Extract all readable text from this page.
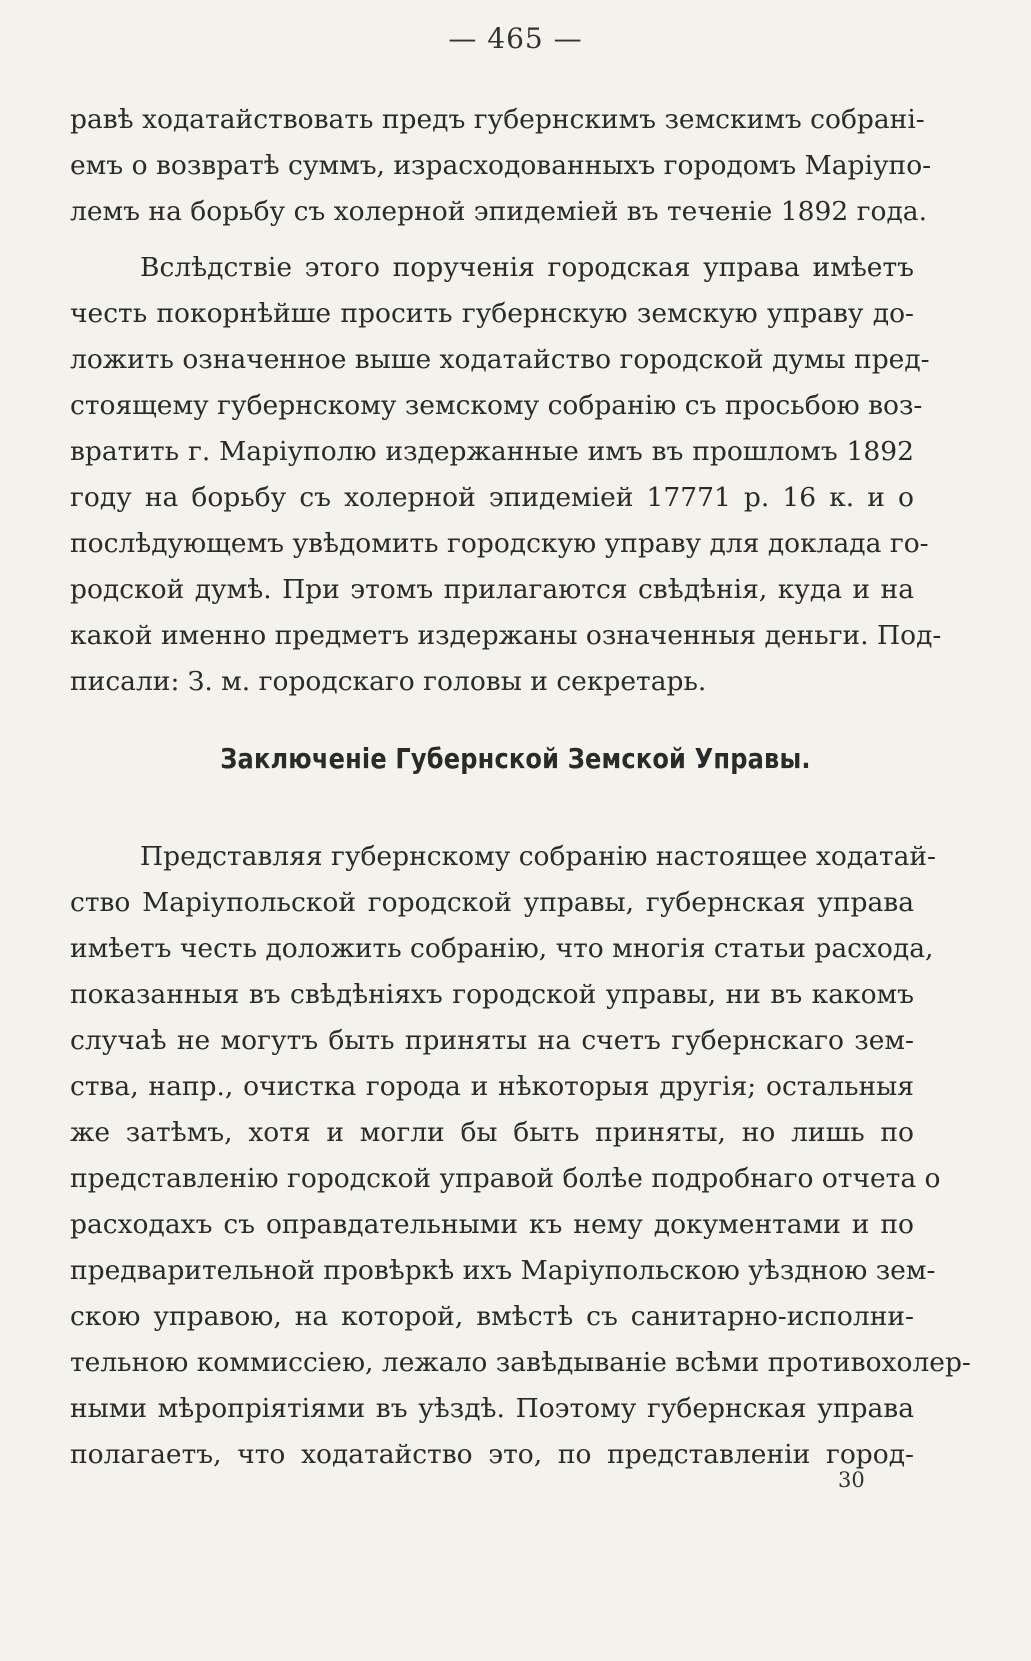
— 465 —
равѣ ходатайствовать предъ губернскимъ земскимъ собрані-
емъ о возвратѣ суммъ, израсходованныхъ городомъ Маріупо-
лемъ на борьбу съ холерной эпидеміей въ теченіе 1892 года.
Вслѣдствіе этого порученія городская управа имѣетъ
честь покорнѣйше просить губернскую земскую управу до-
ложить означенное выше ходатайство городской думы пред-
стоящему губернскому земскому собранію съ просьбою воз-
вратить г. Маріуполю издержанные имъ въ прошломъ 1892
году на борьбу съ холерной эпидеміей 17771 р. 16 к. и о
послѣдующемъ увѣдомить городскую управу для доклада го-
родской думѣ. При этомъ прилагаются свѣдѣнія, куда и на
какой именно предметъ издержаны означенныя деньги. Под-
писали: З. м. городскаго головы и секретарь.
Заключеніе Губернской Земской Управы.
Представляя губернскому собранію настоящее ходатай-
ство Маріупольской городской управы, губернская управа
имѣетъ честь доложить собранію, что многія статьи расхода,
показанныя въ свѣдѣніяхъ городской управы, ни въ какомъ
случаѣ не могутъ быть приняты на счетъ губернскаго зем-
ства, напр., очистка города и нѣкоторыя другія; остальныя
же затѣмъ, хотя и могли бы быть приняты, но лишь по
представленію городской управой болѣе подробнаго отчета о
расходахъ съ оправдательными къ нему документами и по
предварительной провѣркѣ ихъ Маріупольскою уѣздною зем-
скою управою, на которой, вмѣстѣ съ санитарно-исполни-
тельною коммиссіею, лежало завѣдываніе всѣми противохолер-
ными мѣропріятіями въ уѣздѣ. Поэтому губернская управа
полагаетъ, что ходатайство это, по представленіи город-
30
